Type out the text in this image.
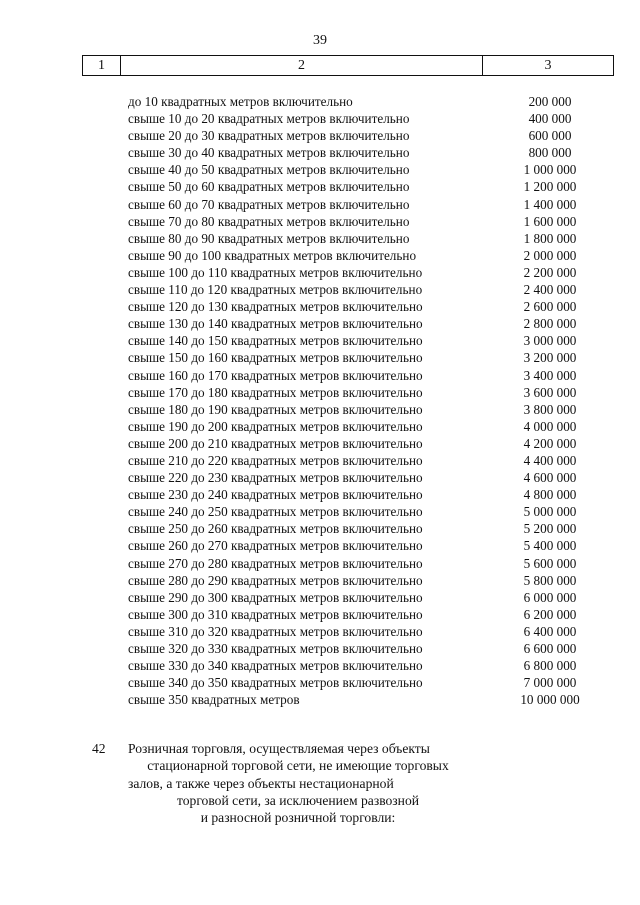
39
1	2	3
до 10 квадратных метров включительно	200 000
свыше 10 до 20 квадратных метров включительно	400 000
свыше 20 до 30 квадратных метров включительно	600 000
свыше 30 до 40 квадратных метров включительно	800 000
свыше 40 до 50 квадратных метров включительно	1 000 000
свыше 50 до 60 квадратных метров включительно	1 200 000
свыше 60 до 70 квадратных метров включительно	1 400 000
свыше 70 до 80 квадратных метров включительно	1 600 000
свыше 80 до 90 квадратных метров включительно	1 800 000
свыше 90 до 100 квадратных метров включительно	2 000 000
свыше 100 до 110 квадратных метров включительно	2 200 000
свыше 110 до 120 квадратных метров включительно	2 400 000
свыше 120 до 130 квадратных метров включительно	2 600 000
свыше 130 до 140 квадратных метров включительно	2 800 000
свыше 140 до 150 квадратных метров включительно	3 000 000
свыше 150 до 160 квадратных метров включительно	3 200 000
свыше 160 до 170 квадратных метров включительно	3 400 000
свыше 170 до 180 квадратных метров включительно	3 600 000
свыше 180 до 190 квадратных метров включительно	3 800 000
свыше 190 до 200 квадратных метров включительно	4 000 000
свыше 200 до 210 квадратных метров включительно	4 200 000
свыше 210 до 220 квадратных метров включительно	4 400 000
свыше 220 до 230 квадратных метров включительно	4 600 000
свыше 230 до 240 квадратных метров включительно	4 800 000
свыше 240 до 250 квадратных метров включительно	5 000 000
свыше 250 до 260 квадратных метров включительно	5 200 000
свыше 260 до 270 квадратных метров включительно	5 400 000
свыше 270 до 280 квадратных метров включительно	5 600 000
свыше 280 до 290 квадратных метров включительно	5 800 000
свыше 290 до 300 квадратных метров включительно	6 000 000
свыше 300 до 310 квадратных метров включительно	6 200 000
свыше 310 до 320 квадратных метров включительно	6 400 000
свыше 320 до 330 квадратных метров включительно	6 600 000
свыше 330 до 340 квадратных метров включительно	6 800 000
свыше 340 до 350 квадратных метров включительно	7 000 000
свыше 350 квадратных метров	10 000 000
42 Розничная торговля, осуществляемая через объекты
стационарной торговой сети, не имеющие торговых
залов, а также через объекты нестационарной
торговой сети, за исключением развозной
и разносной розничной торговли:
